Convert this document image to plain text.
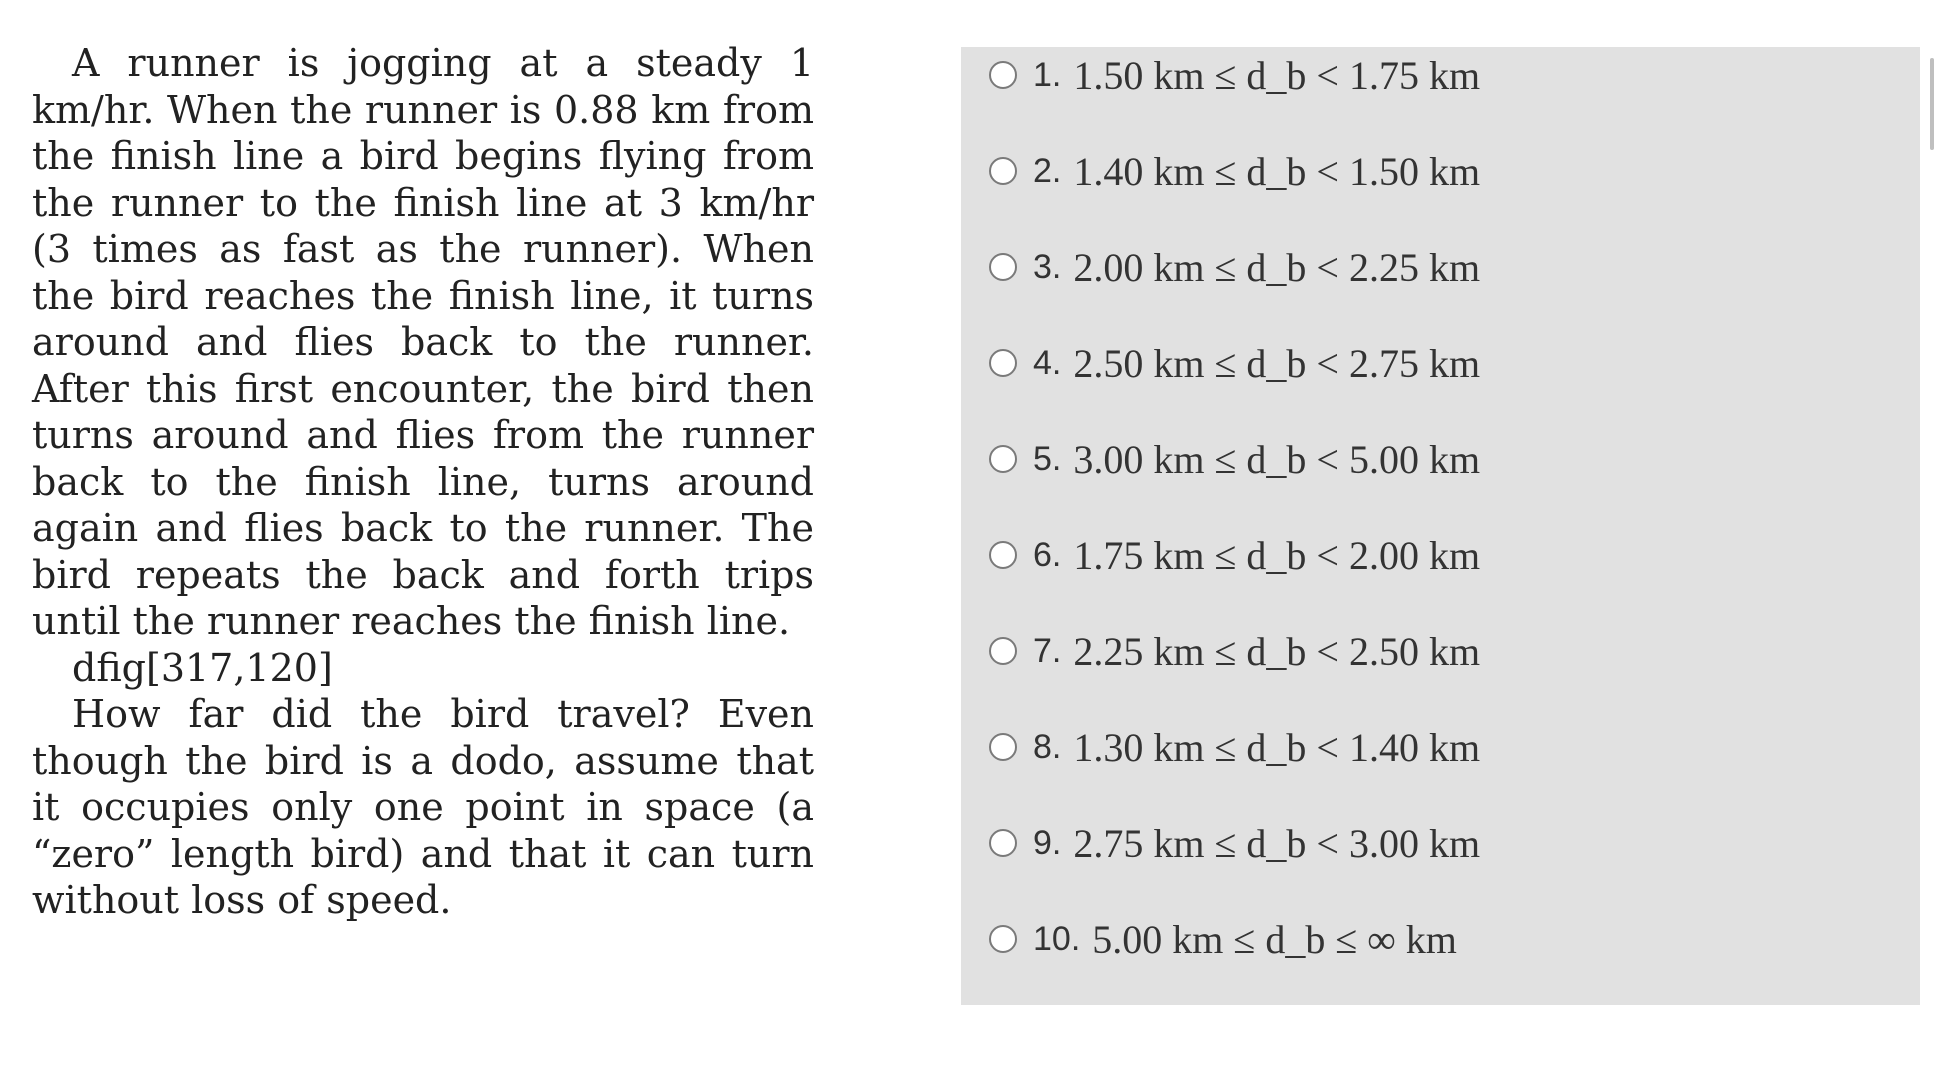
A runner is jogging at a steady 1 km/hr. When the runner is 0.88 km from the finish line a bird begins flying from the runner to the finish line at 3 km/hr (3 times as fast as the runner). When the bird reaches the finish line, it turns around and flies back to the runner. After this first encounter, the bird then turns around and flies from the runner back to the finish line, turns around again and flies back to the runner. The bird repeats the back and forth trips until the runner reaches the finish line.

dfig[317,120]

How far did the bird travel? Even though the bird is a dodo, assume that it occupies only one point in space (a “zero” length bird) and that it can turn without loss of speed.

1. 1.50 km ≤ d_b < 1.75 km
2. 1.40 km ≤ d_b < 1.50 km
3. 2.00 km ≤ d_b < 2.25 km
4. 2.50 km ≤ d_b < 2.75 km
5. 3.00 km ≤ d_b < 5.00 km
6. 1.75 km ≤ d_b < 2.00 km
7. 2.25 km ≤ d_b < 2.50 km
8. 1.30 km ≤ d_b < 1.40 km
9. 2.75 km ≤ d_b < 3.00 km
10. 5.00 km ≤ d_b ≤ ∞ km
